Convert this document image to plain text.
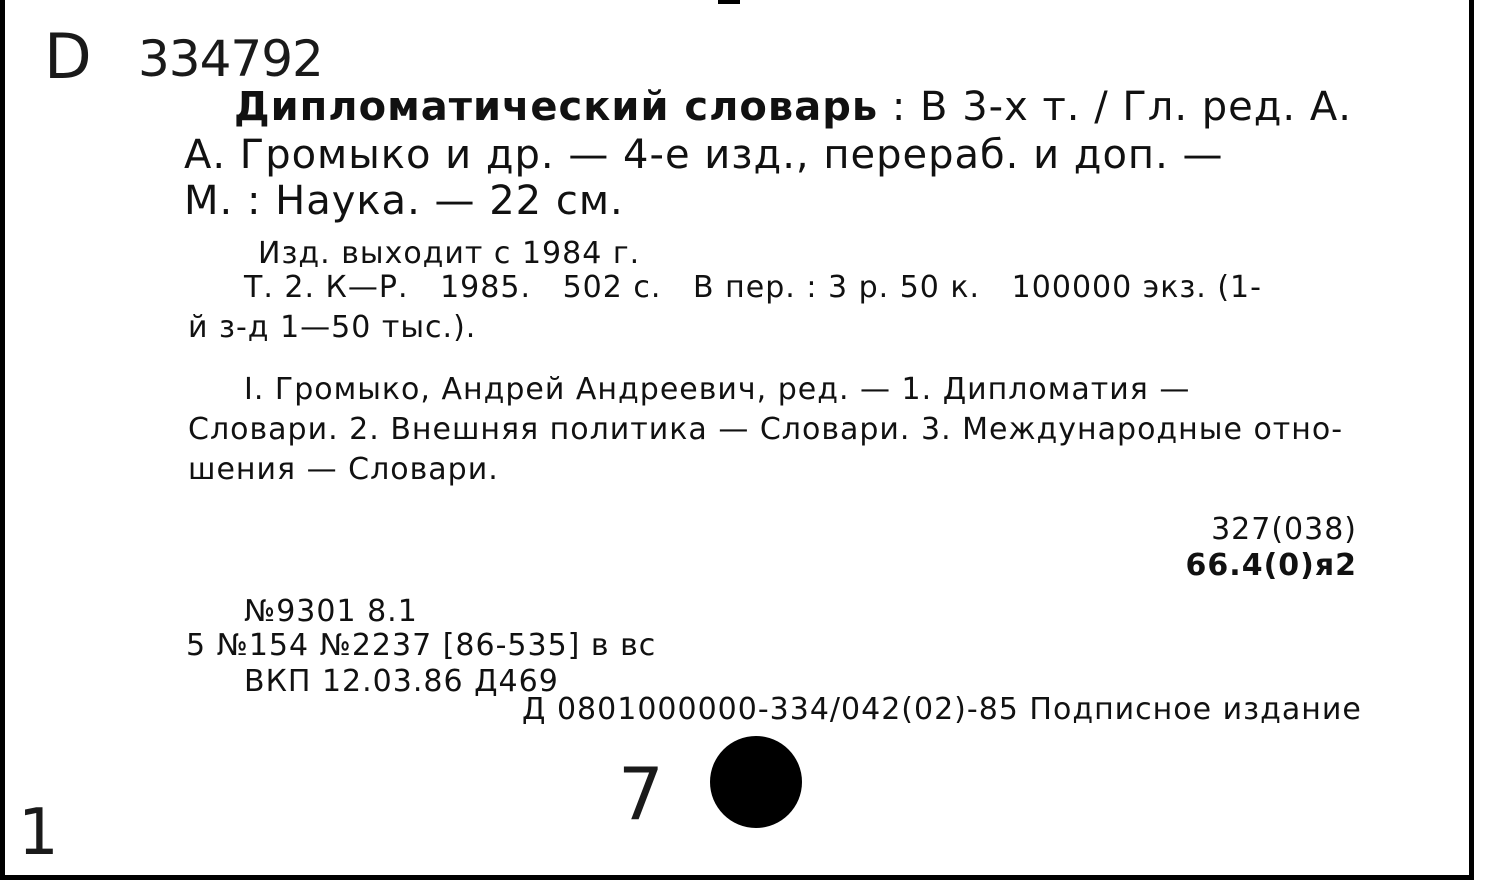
D 334792
Дипломатический словарь : В 3-х т. / Гл. ред. А.
А. Громыко и др. — 4-е изд., перераб. и доп. —
М. : Наука. — 22 см.
Изд. выходит с 1984 г.
Т. 2. К—Р.   1985.   502 с.   В пер. : 3 р. 50 к.   100000 экз. (1-
й з-д 1—50 тыс.).
I. Громыко, Андрей Андреевич, ред. — 1. Дипломатия —
Словари. 2. Внешняя политика — Словари. 3. Международные отно-
шения — Словари.
327(038)
66.4(0)я2
№9301 8.1
5 №154 №2237 [86-535] в вс
ВКП 12.03.86 Д469
Д 0801000000-334/042(02)-85 Подписное издание
7
1
